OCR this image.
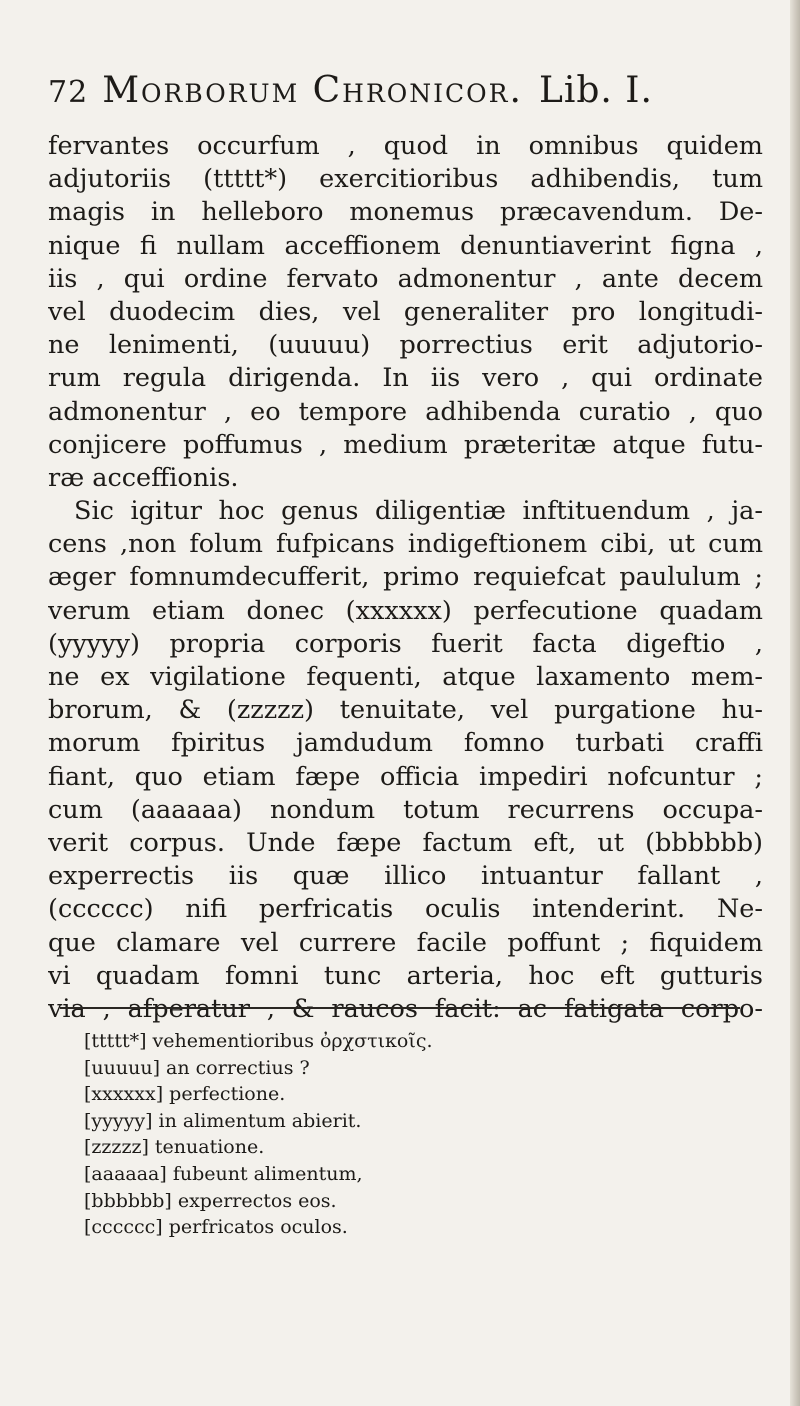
72 Morborum Chronicor. Lib. I.
fervantes occurfum , quod in omnibus quidem
adjutoriis (ttttt*) exercitioribus adhibendis, tum
magis in helleboro monemus præcavendum. De-
nique fi nullam acceffionem denuntiaverint figna ,
iis , qui ordine fervato admonentur , ante decem
vel duodecim dies, vel generaliter pro longitudi-
ne lenimenti, (uuuuu) porrectius erit adjutorio-
rum regula dirigenda. In iis vero , qui ordinate
admonentur , eo tempore adhibenda curatio , quo
conjicere poffumus , medium præteritæ atque futu-
ræ acceffionis.
Sic igitur hoc genus diligentiæ inftituendum , ja-
cens ,non folum fufpicans indigeftionem cibi, ut cum
æger fomnumdecufferit, primo requiefcat paululum ;
verum etiam donec (xxxxxx) perfecutione quadam
(yyyyy) propria corporis fuerit facta digeftio ,
ne ex vigilatione fequenti, atque laxamento mem-
brorum, & (zzzzz) tenuitate, vel purgatione hu-
morum fpiritus jamdudum fomno turbati craffi
fiant, quo etiam fæpe officia impediri nofcuntur ;
cum (aaaaaa) nondum totum recurrens occupa-
verit corpus. Unde fæpe factum eft, ut (bbbbbb)
experrectis iis quæ illico intuantur fallant ,
(cccccc) nifi perfricatis oculis intenderint. Ne-
que clamare vel currere facile poffunt ; fiquidem
vi quadam fomni tunc arteria, hoc eft gutturis
via , afperatur , & raucos facit: ac fatigata corpo-
[ttttt*] vehementioribus ὀρχστικοῖς.
[uuuuu] an correctius ?
[xxxxxx] perfectione.
[yyyyy] in alimentum abierit.
[zzzzz] tenuatione.
[aaaaaa] fubeunt alimentum,
[bbbbbb] experrectos eos.
[cccccc] perfricatos oculos.
